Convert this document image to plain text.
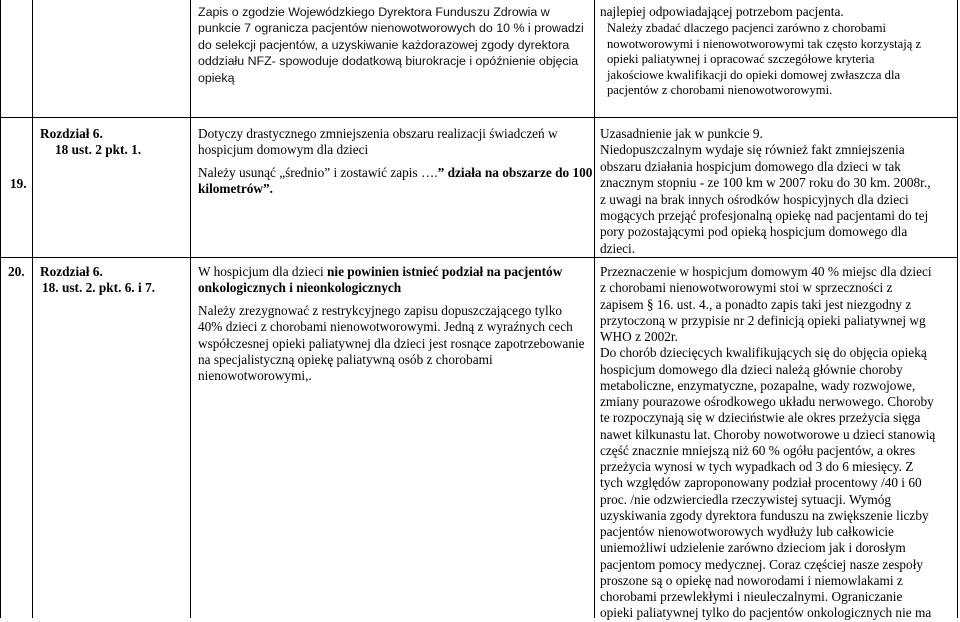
Zapis o zgodzie Wojewódzkiego Dyrektora Funduszu Zdrowia w
punkcie 7 ogranicza pacjentów nienowotworowych do 10 % i prowadzi
do selekcji pacjentów, a uzyskiwanie każdorazowej zgody dyrektora
oddziału NFZ- spowoduje dodatkową biurokracje i opóźnienie objęcia
opieką
najlepiej odpowiadającej potrzebom pacjenta.
Należy zbadać dlaczego pacjenci zarówno z chorobami
nowotworowymi i nienowotworowymi tak często korzystają z
opieki paliatywnej i opracować szczegółowe kryteria
jakościowe kwalifikacji do opieki domowej zwłaszcza dla
pacjentów z chorobami nienowotworowymi.
19.
Rozdział 6.
18 ust. 2 pkt. 1.
Dotyczy drastycznego zmniejszenia obszaru realizacji świadczeń w
hospicjum domowym dla dzieci
Należy usunąć „średnio” i zostawić zapis ….” działa na obszarze do 100
kilometrów”.
Uzasadnienie jak w punkcie 9.
Niedopuszczalnym wydaje się również fakt zmniejszenia
obszaru działania hospicjum domowego dla dzieci w tak
znacznym stopniu - ze 100 km w 2007 roku do 30 km. 2008r.,
z uwagi na brak innych ośrodków hospicyjnych dla dzieci
mogących przejąć profesjonalną opiekę nad pacjentami do tej
pory pozostającymi pod opieką hospicjum domowego dla
dzieci.
20. Rozdział 6.
18. ust. 2. pkt. 6. i 7.
W hospicjum dla dzieci nie powinien istnieć podział na pacjentów
onkologicznych i nieonkologicznych
Należy zrezygnować z restrykcyjnego zapisu dopuszczającego tylko
40% dzieci z chorobami nienowotworowymi. Jedną z wyraźnych cech
współczesnej opieki paliatywnej dla dzieci jest rosnące zapotrzebowanie
na specjalistyczną opiekę paliatywną osób z chorobami
nienowotworowymi,.
Przeznaczenie w hospicjum domowym 40 % miejsc dla dzieci
z chorobami nienowotworowymi stoi w sprzeczności z
zapisem § 16. ust. 4., a ponadto zapis taki jest niezgodny z
przytoczoną w przypisie nr 2 definicją opieki paliatywnej wg
WHO z 2002r.
Do chorób dziecięcych kwalifikujących się do objęcia opieką
hospicjum domowego dla dzieci należą głównie choroby
metaboliczne, enzymatyczne, pozapalne, wady rozwojowe,
zmiany pourazowe ośrodkowego układu nerwowego. Choroby
te rozpoczynają się w dzieciństwie ale okres przeżycia sięga
nawet kilkunastu lat. Choroby nowotworowe u dzieci stanowią
część znacznie mniejszą niż 60 % ogółu pacjentów, a okres
przeżycia wynosi w tych wypadkach od 3 do 6 miesięcy. Z
tych względów zaproponowany podział procentowy /40 i 60
proc. /nie odzwierciedla rzeczywistej sytuacji. Wymóg
uzyskiwania zgody dyrektora funduszu na zwiększenie liczby
pacjentów nienowotworowych wydłuży lub całkowicie
uniemożliwi udzielenie zarówno dzieciom jak i dorosłym
pacjentom pomocy medycznej. Coraz częściej nasze zespoły
proszone są o opiekę nad noworodami i niemowlakami z
chorobami przewlekłymi i nieuleczalnymi. Ograniczanie
opieki paliatywnej tylko do pacjentów onkologicznych nie ma
